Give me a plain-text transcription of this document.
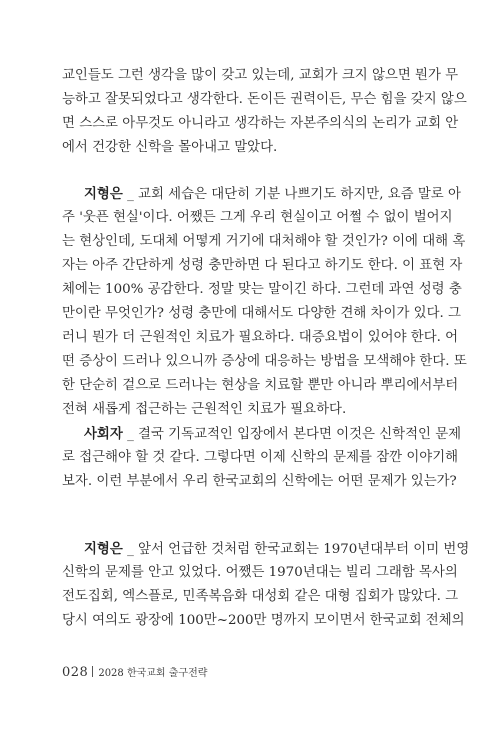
교인들도 그런 생각을 많이 갖고 있는데, 교회가 크지 않으면 뭔가 무
능하고 잘못되었다고 생각한다. 돈이든 권력이든, 무슨 힘을 갖지 않으
면 스스로 아무것도 아니라고 생각하는 자본주의식의 논리가 교회 안
에서 건강한 신학을 몰아내고 말았다.
지형은 _ 교회 세습은 대단히 기분 나쁘기도 하지만, 요즘 말로 아
주 '웃픈 현실'이다. 어쨌든 그게 우리 현실이고 어쩔 수 없이 벌어지
는 현상인데, 도대체 어떻게 거기에 대처해야 할 것인가? 이에 대해 혹
자는 아주 간단하게 성령 충만하면 다 된다고 하기도 한다. 이 표현 자
체에는 100% 공감한다. 정말 맞는 말이긴 하다. 그런데 과연 성령 충
만이란 무엇인가? 성령 충만에 대해서도 다양한 견해 차이가 있다. 그
러니 뭔가 더 근원적인 치료가 필요하다. 대증요법이 있어야 한다. 어
떤 증상이 드러나 있으니까 증상에 대응하는 방법을 모색해야 한다. 또
한 단순히 겉으로 드러나는 현상을 치료할 뿐만 아니라 뿌리에서부터
전혀 새롭게 접근하는 근원적인 치료가 필요하다.
사회자 _ 결국 기독교적인 입장에서 본다면 이것은 신학적인 문제
로 접근해야 할 것 같다. 그렇다면 이제 신학의 문제를 잠깐 이야기해
보자. 이런 부분에서 우리 한국교회의 신학에는 어떤 문제가 있는가?
지형은 _ 앞서 언급한 것처럼 한국교회는 1970년대부터 이미 번영
신학의 문제를 안고 있었다. 어쨌든 1970년대는 빌리 그래함 목사의
전도집회, 엑스플로, 민족복음화 대성회 같은 대형 집회가 많았다. 그
당시 여의도 광장에 100만~200만 명까지 모이면서 한국교회 전체의
028 2028 한국교회 출구전략
